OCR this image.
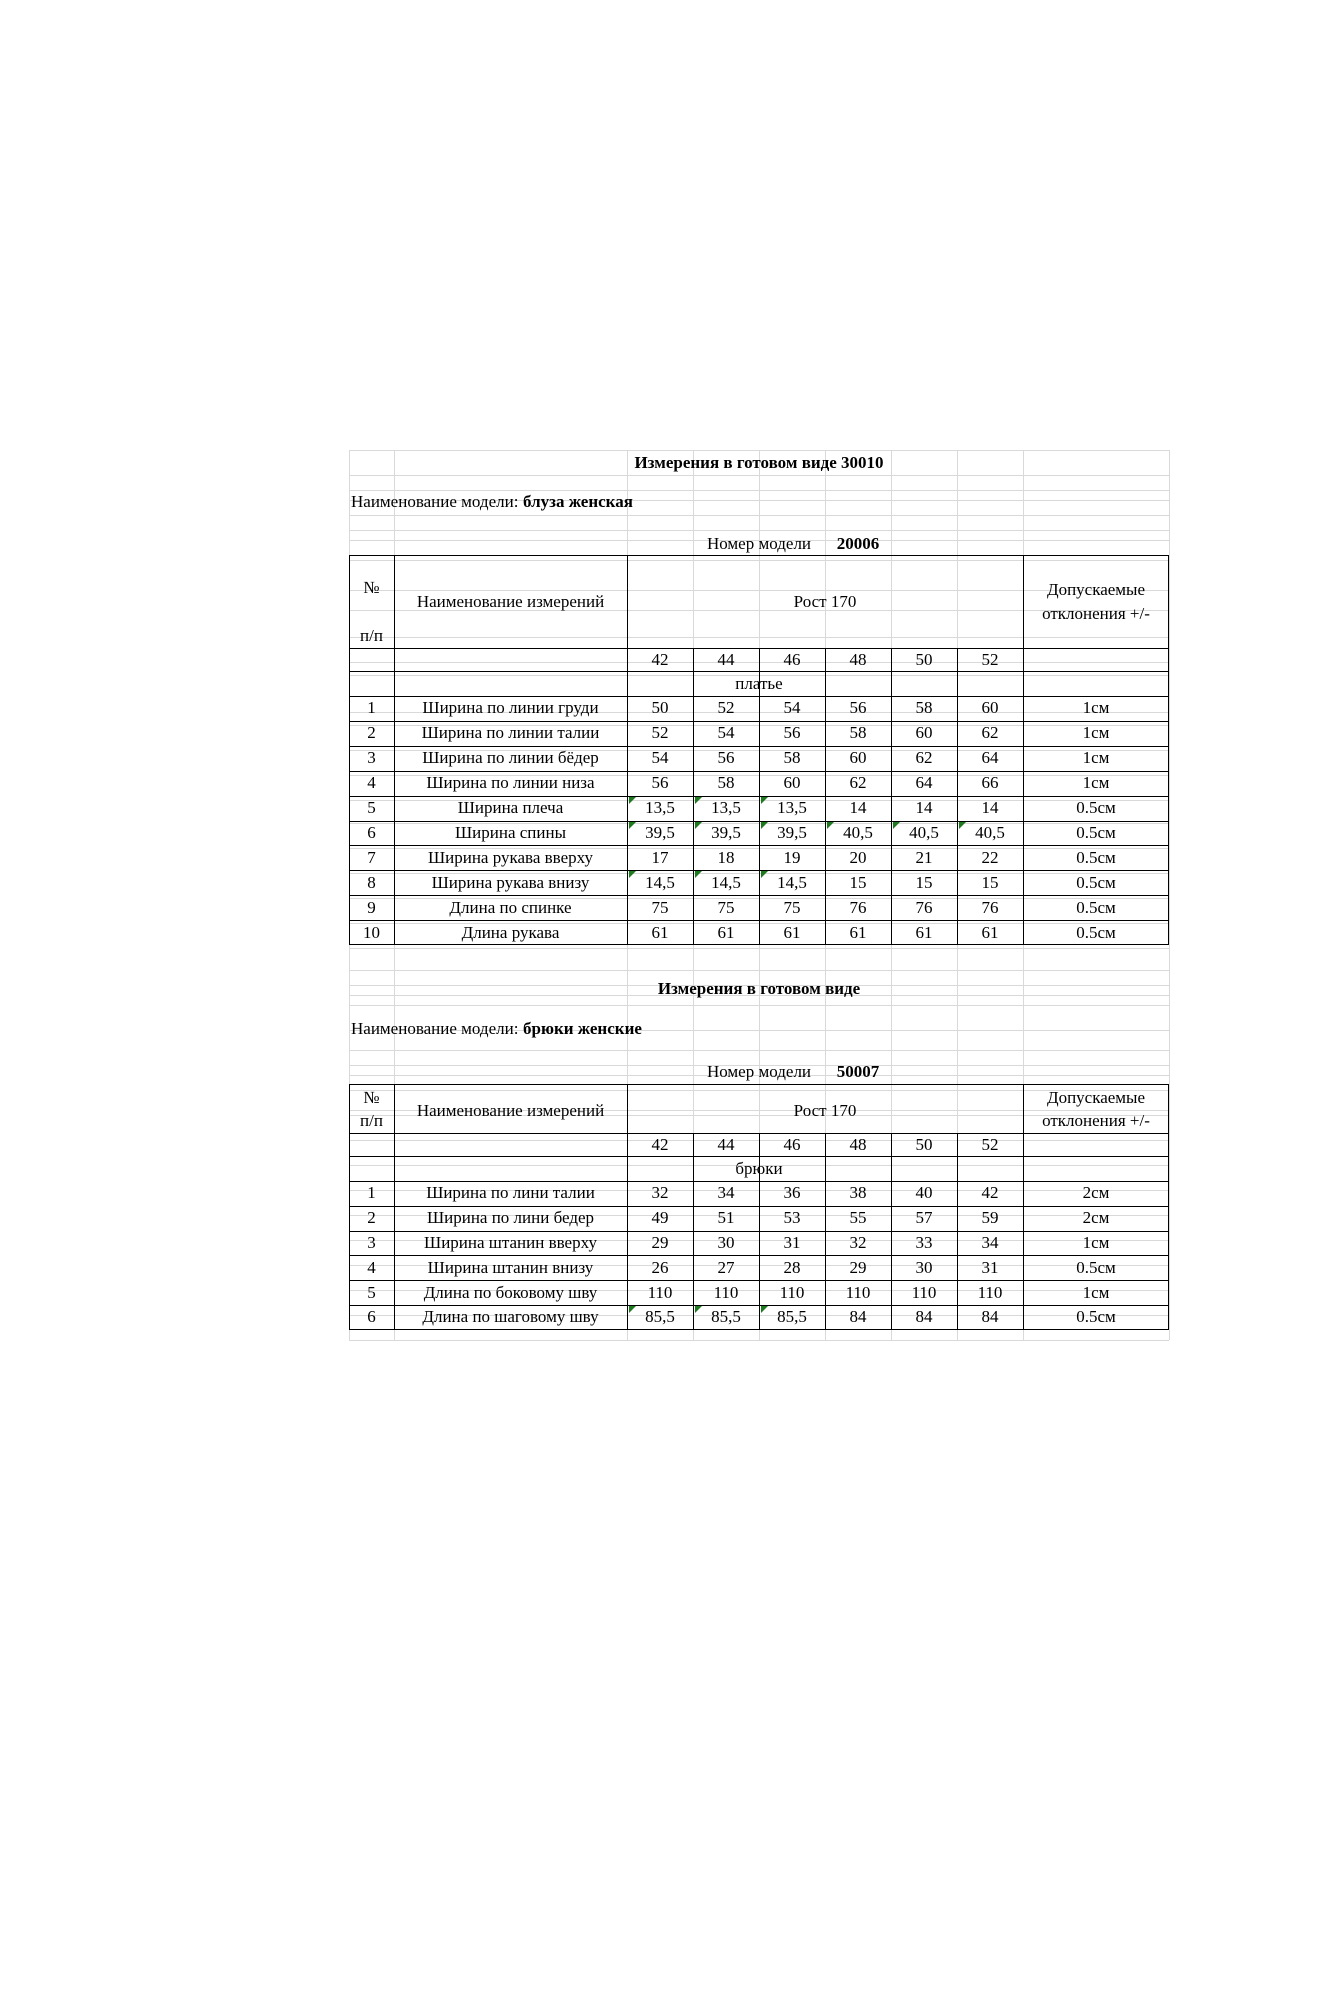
Измерения в готовом виде 30010
Наименование модели: блуза женская
Номер модели	20006
№
п/п
Наименование измерений	Рост 170
Допускаемые
отклонения +/-
42	44	46	48	50	52
платье
1	Ширина по линии груди	50	52	54	56	58	60	1см
2	Ширина по линии талии	52	54	56	58	60	62	1см
3	Ширина по линии бёдер	54	56	58	60	62	64	1см
4	Ширина по линии низа	56	58	60	62	64	66	1см
5	Ширина плеча	13,5	13,5	13,5	14	14	14	0.5см
6	Ширина спины	39,5	39,5	39,5	40,5	40,5	40,5	0.5см
7	Ширина рукава вверху	17	18	19	20	21	22	0.5см
8	Ширина рукава внизу	14,5	14,5	14,5	15	15	15	0.5см
9	Длина по спинке	75	75	75	76	76	76	0.5см
10	Длина рукава	61	61	61	61	61	61	0.5см
Измерения в готовом виде
Наименование модели: брюки женские
Номер модели	50007
№
п/п
Наименование измерений	Рост 170
Допускаемые
отклонения +/-
42	44	46	48	50	52
брюки
1	Ширина по лини талии	32	34	36	38	40	42	2см
2	Ширина по лини бедер	49	51	53	55	57	59	2см
3	Ширина штанин вверху	29	30	31	32	33	34	1см
4	Ширина штанин внизу	26	27	28	29	30	31	0.5см
5	Длина по боковому шву	110	110	110	110	110	110	1см
6	Длина по шаговому шву	85,5	85,5	85,5	84	84	84	0.5см
